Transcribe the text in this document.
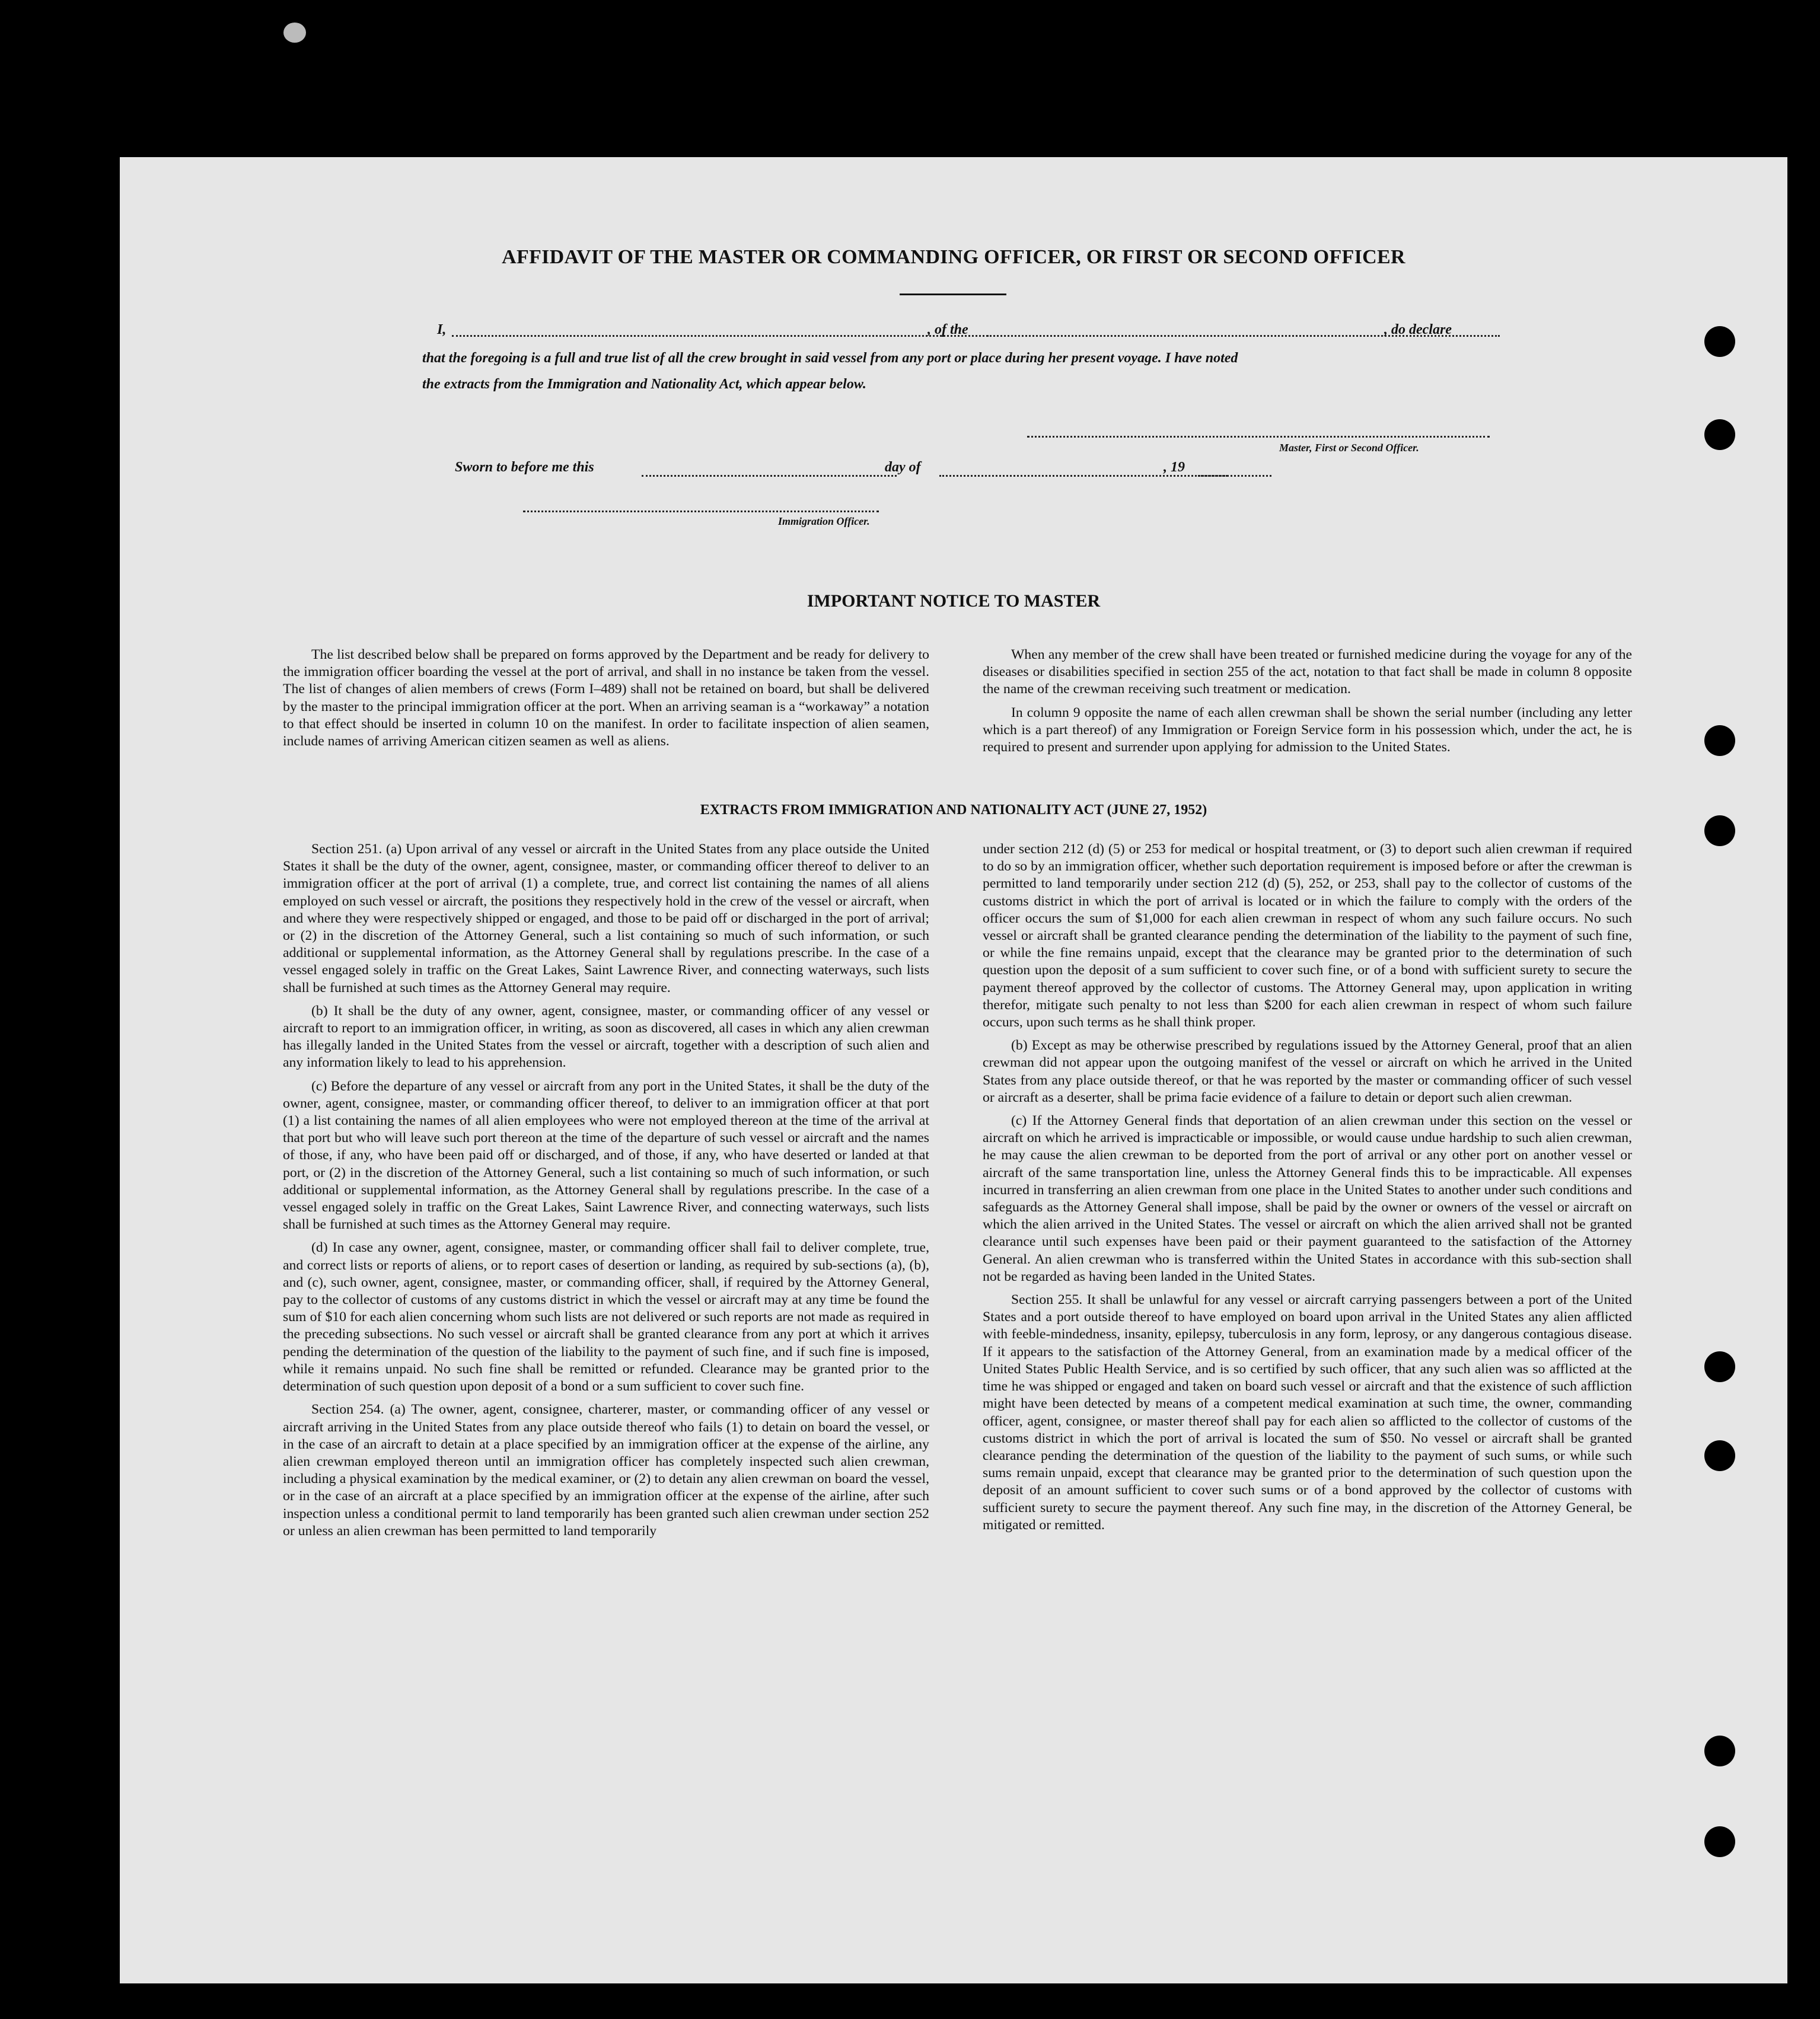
AFFIDAVIT OF THE MASTER OR COMMANDING OFFICER, OR FIRST OR SECOND OFFICER
I,	, of the	, do declare
that the foregoing is a full and true list of all the crew brought in said vessel from any port or place during her present voyage. I have noted
the extracts from the Immigration and Nationality Act, which appear below.
Master, First or Second Officer.
Sworn to before me this	day of	, 19
Immigration Officer.
IMPORTANT NOTICE TO MASTER

The list described below shall be prepared on forms approved by the Department and be ready for delivery to the immigration officer boarding the vessel at the port of arrival, and shall in no instance be taken from the vessel. The list of changes of alien members of crews (Form I–489) shall not be retained on board, but shall be delivered by the master to the principal immigration officer at the port. When an arriving seaman is a “workaway” a notation to that effect should be inserted in column 10 on the manifest. In order to facilitate inspection of alien seamen, include names of arriving American citizen seamen as well as aliens.

When any member of the crew shall have been treated or furnished medicine during the voyage for any of the diseases or disabilities specified in section 255 of the act, notation to that fact shall be made in column 8 opposite the name of the crewman receiving such treatment or medication.

In column 9 opposite the name of each allen crewman shall be shown the serial number (including any letter which is a part thereof) of any Immigration or Foreign Service form in his possession which, under the act, he is required to present and surrender upon applying for admission to the United States.

EXTRACTS FROM IMMIGRATION AND NATIONALITY ACT (JUNE 27, 1952)

Section 251. (a) Upon arrival of any vessel or aircraft in the United States from any place outside the United States it shall be the duty of the owner, agent, consignee, master, or commanding officer thereof to deliver to an immigration officer at the port of arrival (1) a complete, true, and correct list containing the names of all aliens employed on such vessel or aircraft, the positions they respectively hold in the crew of the vessel or aircraft, when and where they were respectively shipped or engaged, and those to be paid off or discharged in the port of arrival; or (2) in the discretion of the Attorney General, such a list containing so much of such information, or such additional or supplemental information, as the Attorney General shall by regulations prescribe. In the case of a vessel engaged solely in traffic on the Great Lakes, Saint Lawrence River, and connecting waterways, such lists shall be furnished at such times as the Attorney General may require.

(b) It shall be the duty of any owner, agent, consignee, master, or commanding officer of any vessel or aircraft to report to an immigration officer, in writing, as soon as discovered, all cases in which any alien crewman has illegally landed in the United States from the vessel or aircraft, together with a description of such alien and any information likely to lead to his apprehension.

(c) Before the departure of any vessel or aircraft from any port in the United States, it shall be the duty of the owner, agent, consignee, master, or commanding officer thereof, to deliver to an immigration officer at that port (1) a list containing the names of all alien employees who were not employed thereon at the time of the arrival at that port but who will leave such port thereon at the time of the departure of such vessel or aircraft and the names of those, if any, who have been paid off or discharged, and of those, if any, who have deserted or landed at that port, or (2) in the discretion of the Attorney General, such a list containing so much of such information, or such additional or supplemental information, as the Attorney General shall by regulations prescribe. In the case of a vessel engaged solely in traffic on the Great Lakes, Saint Lawrence River, and connecting waterways, such lists shall be furnished at such times as the Attorney General may require.

(d) In case any owner, agent, consignee, master, or commanding officer shall fail to deliver complete, true, and correct lists or reports of aliens, or to report cases of desertion or landing, as required by sub-sections (a), (b), and (c), such owner, agent, consignee, master, or commanding officer, shall, if required by the Attorney General, pay to the collector of customs of any customs district in which the vessel or aircraft may at any time be found the sum of $10 for each alien concerning whom such lists are not delivered or such reports are not made as required in the preceding subsections. No such vessel or aircraft shall be granted clearance from any port at which it arrives pending the determination of the question of the liability to the payment of such fine, and if such fine is imposed, while it remains unpaid. No such fine shall be remitted or refunded. Clearance may be granted prior to the determination of such question upon deposit of a bond or a sum sufficient to cover such fine.

Section 254. (a) The owner, agent, consignee, charterer, master, or commanding officer of any vessel or aircraft arriving in the United States from any place outside thereof who fails (1) to detain on board the vessel, or in the case of an aircraft to detain at a place specified by an immigration officer at the expense of the airline, any alien crewman employed thereon until an immigration officer has completely inspected such alien crewman, including a physical examination by the medical examiner, or (2) to detain any alien crewman on board the vessel, or in the case of an aircraft at a place specified by an immigration officer at the expense of the airline, after such inspection unless a conditional permit to land temporarily has been granted such alien crewman under section 252 or unless an alien crewman has been permitted to land temporarily

under section 212 (d) (5) or 253 for medical or hospital treatment, or (3) to deport such alien crewman if required to do so by an immigration officer, whether such deportation requirement is imposed before or after the crewman is permitted to land temporarily under section 212 (d) (5), 252, or 253, shall pay to the collector of customs of the customs district in which the port of arrival is located or in which the failure to comply with the orders of the officer occurs the sum of $1,000 for each alien crewman in respect of whom any such failure occurs. No such vessel or aircraft shall be granted clearance pending the determination of the liability to the payment of such fine, or while the fine remains unpaid, except that the clearance may be granted prior to the determination of such question upon the deposit of a sum sufficient to cover such fine, or of a bond with sufficient surety to secure the payment thereof approved by the collector of customs. The Attorney General may, upon application in writing therefor, mitigate such penalty to not less than $200 for each alien crewman in respect of whom such failure occurs, upon such terms as he shall think proper.

(b) Except as may be otherwise prescribed by regulations issued by the Attorney General, proof that an alien crewman did not appear upon the outgoing manifest of the vessel or aircraft on which he arrived in the United States from any place outside thereof, or that he was reported by the master or commanding officer of such vessel or aircraft as a deserter, shall be prima facie evidence of a failure to detain or deport such alien crewman.

(c) If the Attorney General finds that deportation of an alien crewman under this section on the vessel or aircraft on which he arrived is impracticable or impossible, or would cause undue hardship to such alien crewman, he may cause the alien crewman to be deported from the port of arrival or any other port on another vessel or aircraft of the same transportation line, unless the Attorney General finds this to be impracticable. All expenses incurred in transferring an alien crewman from one place in the United States to another under such conditions and safeguards as the Attorney General shall impose, shall be paid by the owner or owners of the vessel or aircraft on which the alien arrived in the United States. The vessel or aircraft on which the alien arrived shall not be granted clearance until such expenses have been paid or their payment guaranteed to the satisfaction of the Attorney General. An alien crewman who is transferred within the United States in accordance with this sub-section shall not be regarded as having been landed in the United States.

Section 255. It shall be unlawful for any vessel or aircraft carrying passengers between a port of the United States and a port outside thereof to have employed on board upon arrival in the United States any alien afflicted with feeble-mindedness, insanity, epilepsy, tuberculosis in any form, leprosy, or any dangerous contagious disease. If it appears to the satisfaction of the Attorney General, from an examination made by a medical officer of the United States Public Health Service, and is so certified by such officer, that any such alien was so afflicted at the time he was shipped or engaged and taken on board such vessel or aircraft and that the existence of such affliction might have been detected by means of a competent medical examination at such time, the owner, commanding officer, agent, consignee, or master thereof shall pay for each alien so afflicted to the collector of customs of the customs district in which the port of arrival is located the sum of $50. No vessel or aircraft shall be granted clearance pending the determination of the question of the liability to the payment of such sums, or while such sums remain unpaid, except that clearance may be granted prior to the determination of such question upon the deposit of an amount sufficient to cover such sums or of a bond approved by the collector of customs with sufficient surety to secure the payment thereof. Any such fine may, in the discretion of the Attorney General, be mitigated or remitted.
